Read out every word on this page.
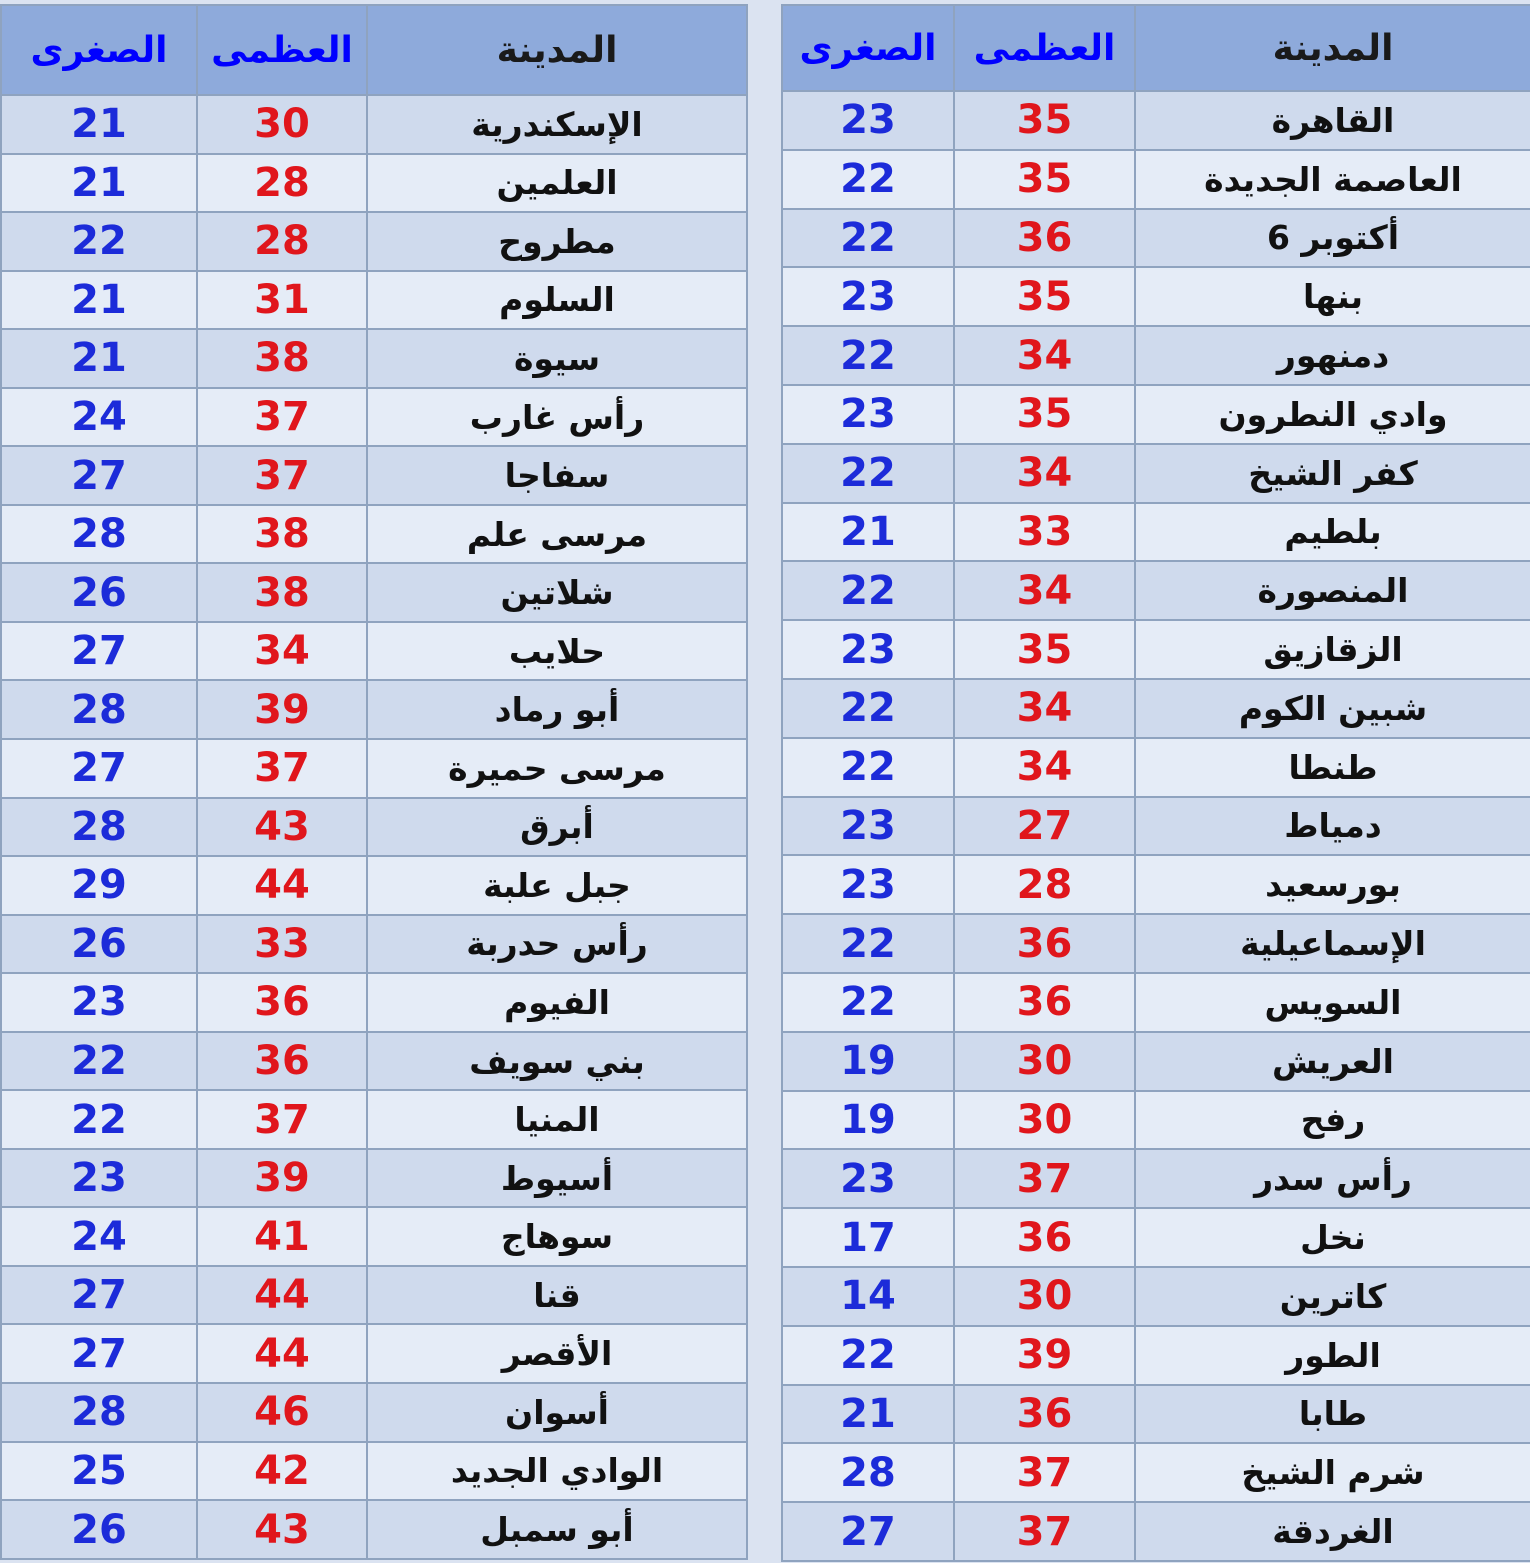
الصغرى	العظمى	المدينة
23	35	القاهرة
22	35	العاصمة الجديدة
22	36	6 أكتوبر
23	35	بنها
22	34	دمنهور
23	35	وادي النطرون
22	34	كفر الشيخ
21	33	بلطيم
22	34	المنصورة
23	35	الزقازيق
22	34	شبين الكوم
22	34	طنطا
23	27	دمياط
23	28	بورسعيد
22	36	الإسماعيلية
22	36	السويس
19	30	العريش
19	30	رفح
23	37	رأس سدر
17	36	نخل
14	30	كاترين
22	39	الطور
21	36	طابا
28	37	شرم الشيخ
27	37	الغردقة
الصغرى	العظمى	المدينة
21	30	الإسكندرية
21	28	العلمين
22	28	مطروح
21	31	السلوم
21	38	سيوة
24	37	رأس غارب
27	37	سفاجا
28	38	مرسى علم
26	38	شلاتين
27	34	حلايب
28	39	أبو رماد
27	37	مرسى حميرة
28	43	أبرق
29	44	جبل علبة
26	33	رأس حدربة
23	36	الفيوم
22	36	بني سويف
22	37	المنيا
23	39	أسيوط
24	41	سوهاج
27	44	قنا
27	44	الأقصر
28	46	أسوان
25	42	الوادي الجديد
26	43	أبو سمبل
